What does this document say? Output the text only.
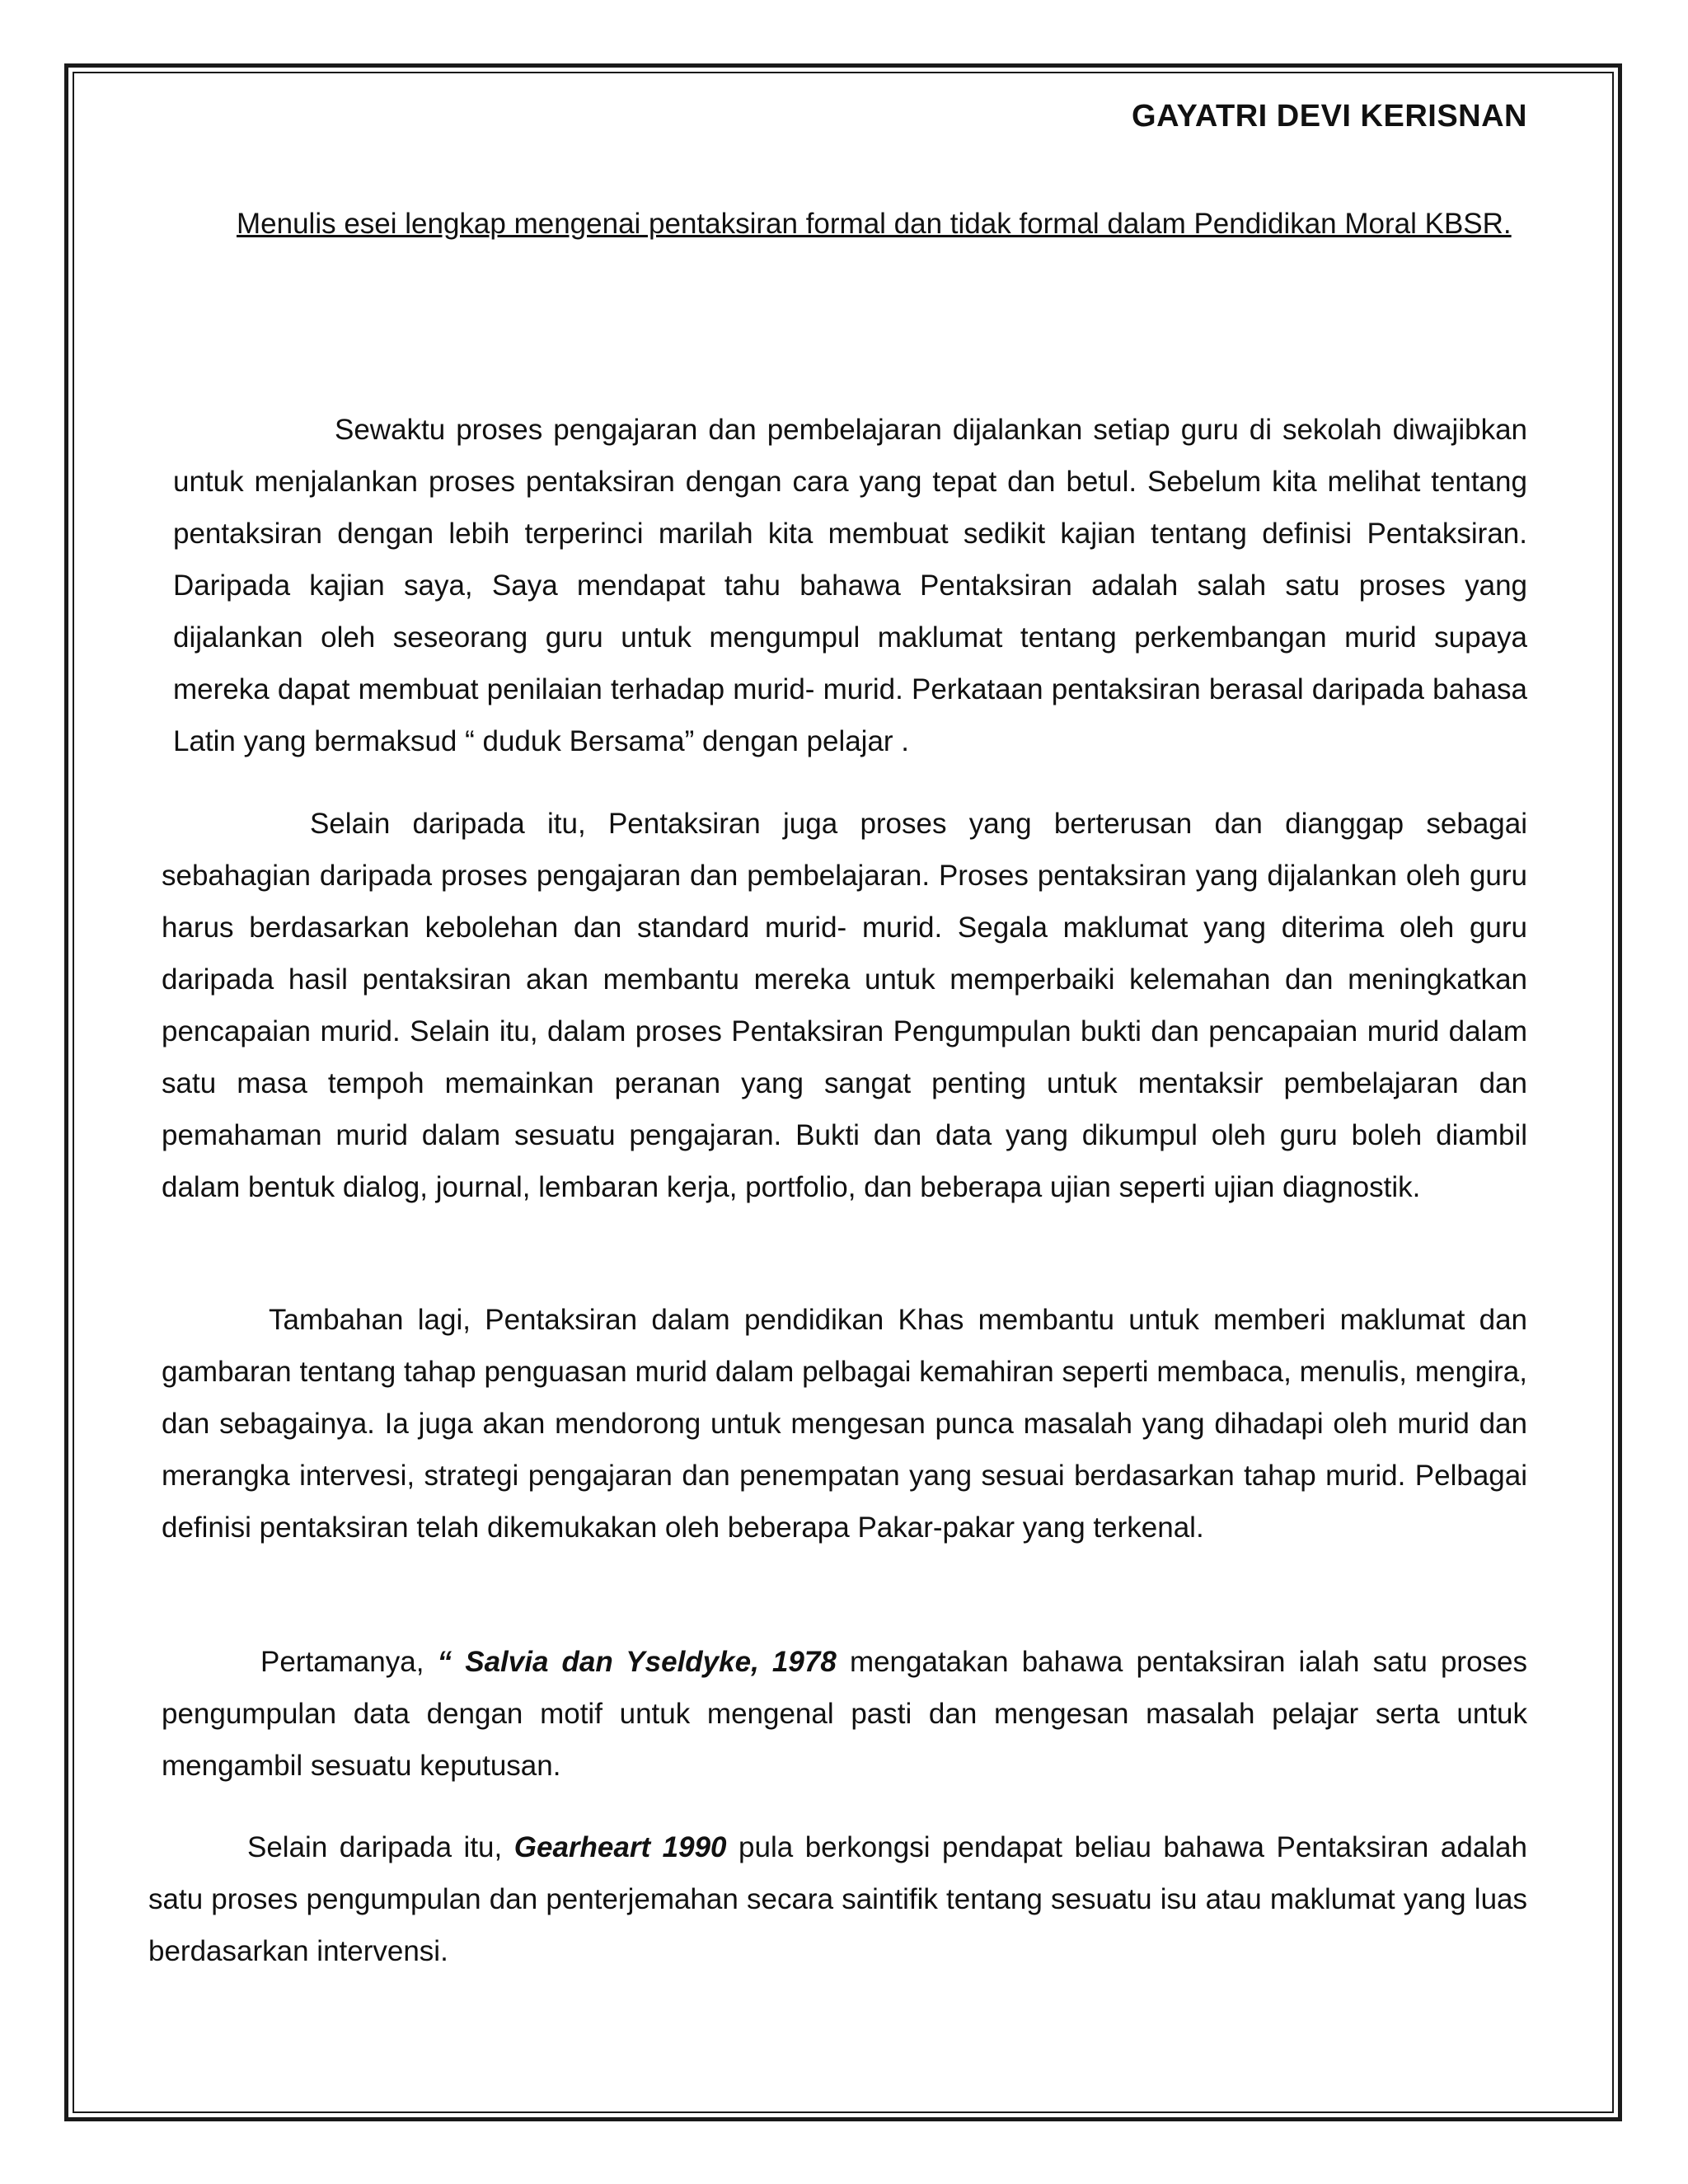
GAYATRI DEVI KERISNAN

Menulis esei lengkap mengenai pentaksiran formal dan tidak formal dalam Pendidikan Moral KBSR.

Sewaktu proses pengajaran dan pembelajaran dijalankan setiap guru di sekolah diwajibkan untuk menjalankan proses pentaksiran dengan cara yang tepat dan betul. Sebelum kita melihat tentang pentaksiran dengan lebih terperinci marilah kita membuat sedikit kajian tentang definisi Pentaksiran. Daripada kajian saya, Saya mendapat tahu bahawa Pentaksiran adalah salah satu proses yang dijalankan oleh seseorang guru untuk mengumpul maklumat tentang perkembangan murid supaya mereka dapat membuat penilaian terhadap murid- murid. Perkataan pentaksiran berasal daripada bahasa Latin yang bermaksud “ duduk Bersama” dengan pelajar .

Selain daripada itu, Pentaksiran juga proses yang berterusan dan dianggap sebagai sebahagian daripada proses pengajaran dan pembelajaran. Proses pentaksiran yang dijalankan oleh guru harus berdasarkan kebolehan dan standard murid- murid. Segala maklumat yang diterima oleh guru daripada hasil pentaksiran akan membantu mereka untuk memperbaiki kelemahan dan meningkatkan pencapaian murid. Selain itu, dalam proses Pentaksiran Pengumpulan bukti dan pencapaian murid dalam satu masa tempoh memainkan peranan yang sangat penting untuk mentaksir pembelajaran dan pemahaman murid dalam sesuatu pengajaran. Bukti dan data yang dikumpul oleh guru boleh diambil dalam bentuk dialog, journal, lembaran kerja, portfolio, dan beberapa ujian seperti ujian diagnostik.

Tambahan lagi, Pentaksiran dalam pendidikan Khas membantu untuk memberi maklumat dan gambaran tentang tahap penguasan murid dalam pelbagai kemahiran seperti membaca, menulis, mengira, dan sebagainya. Ia juga akan mendorong untuk mengesan punca masalah yang dihadapi oleh murid dan merangka intervesi, strategi pengajaran dan penempatan yang sesuai berdasarkan tahap murid. Pelbagai definisi pentaksiran telah dikemukakan oleh beberapa Pakar-pakar yang terkenal.

Pertamanya, “ Salvia dan Yseldyke, 1978 mengatakan bahawa pentaksiran ialah satu proses pengumpulan data dengan motif untuk mengenal pasti dan mengesan masalah pelajar serta untuk mengambil sesuatu keputusan.

Selain daripada itu, Gearheart 1990 pula berkongsi pendapat beliau bahawa Pentaksiran adalah satu proses pengumpulan dan penterjemahan secara saintifik tentang sesuatu isu atau maklumat yang luas berdasarkan intervensi.
